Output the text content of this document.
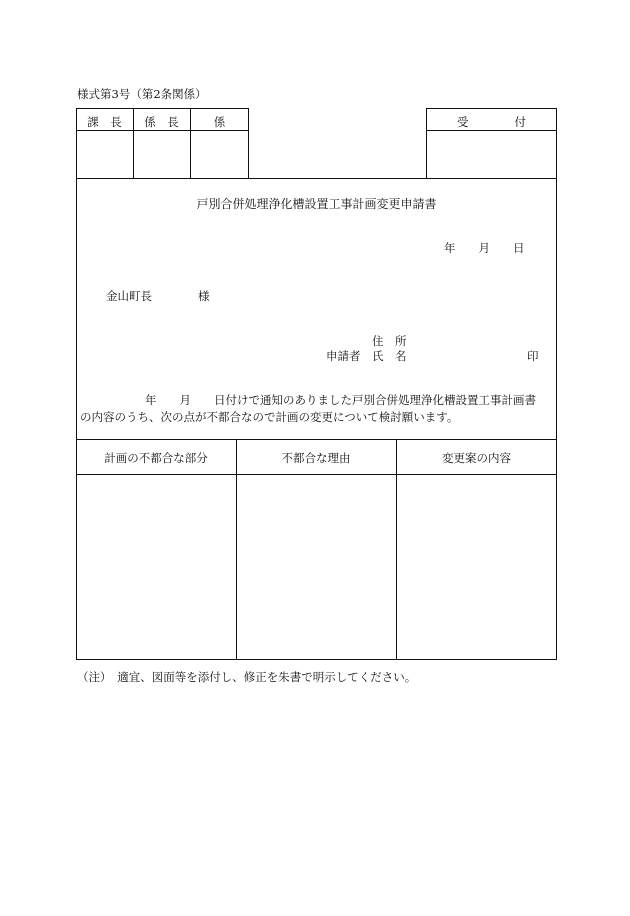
様式第3号（第2条関係）
課　長	係　長	係	受　　　　付
戸別合併処理浄化槽設置工事計画変更申請書
年　　月　　日
金山町長　　　　様
住　所
申請者 氏　名	印
年　　月　　日付けで通知のありました戸別合併処理浄化槽設置工事計画書
の内容のうち、次の点が不都合なので計画の変更について検討願います。
計画の不都合な部分	不都合な理由	変更案の内容
（注）　適宜、図面等を添付し、修正を朱書で明示してください。
